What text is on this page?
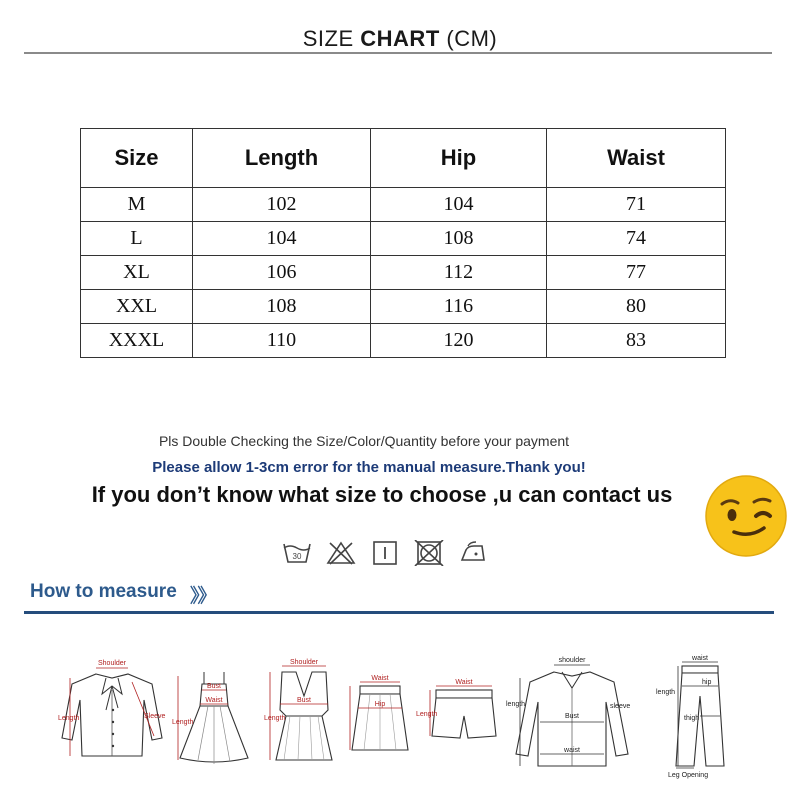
SIZE CHART (CM)
Size	Length	Hip	Waist
M	102	104	71
L	104	108	74
XL	106	112	77
XXL	108	116	80
XXXL	110	120	83
Pls Double Checking the Size/Color/Quantity before your payment
Please allow 1-3cm error for the manual measure.Thank you!
If you don’t know what size to choose ,u can contact us
30
How to measure 》》
Shoulder
Length	Sleeve
Bust
Waist
Length
Shoulder
Bust
Length
Waist
Hip
Waist
Length
shoulder
length	sleeve
Bust
waist
waist
hip
length
thigh
Leg Opening
